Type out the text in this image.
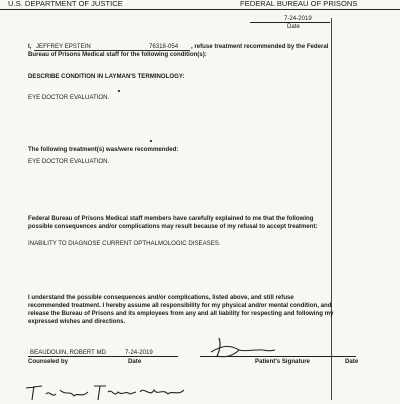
U.S. DEPARTMENT OF JUSTICE	FEDERAL BUREAU OF PRISONS
7-24-2019
Date
I, JEFFREY EPSTEIN	76318-054 , refuse treatment recommended by the Federal
Bureau of Prisons Medical staff for the following condition(s):
DESCRIBE CONDITION IN LAYMAN'S TERMINOLOGY:
EYE DOCTOR EVALUATION.
The following treatment(s) was/were recommended:
EYE DOCTOR EVALUATION.
Federal Bureau of Prisons Medical staff members have carefully explained to me that the following
possible consequences and/or complications may result because of my refusal to accept treatment:
INABILITY TO DIAGNOSE CURRENT OPTHALMOLOGIC DISEASES.
I understand the possible consequences and/or complications, listed above, and still refuse
recommended treatment. I hereby assume all responsibility for my physical and/or mental condition, and
release the Bureau of Prisons and its employees from any and all liability for respecting and following my
expressed wishes and directions.
BEAUDOUIN, ROBERT MD	7-24-2019
Counseled by	Date	Patient's Signature	Date
